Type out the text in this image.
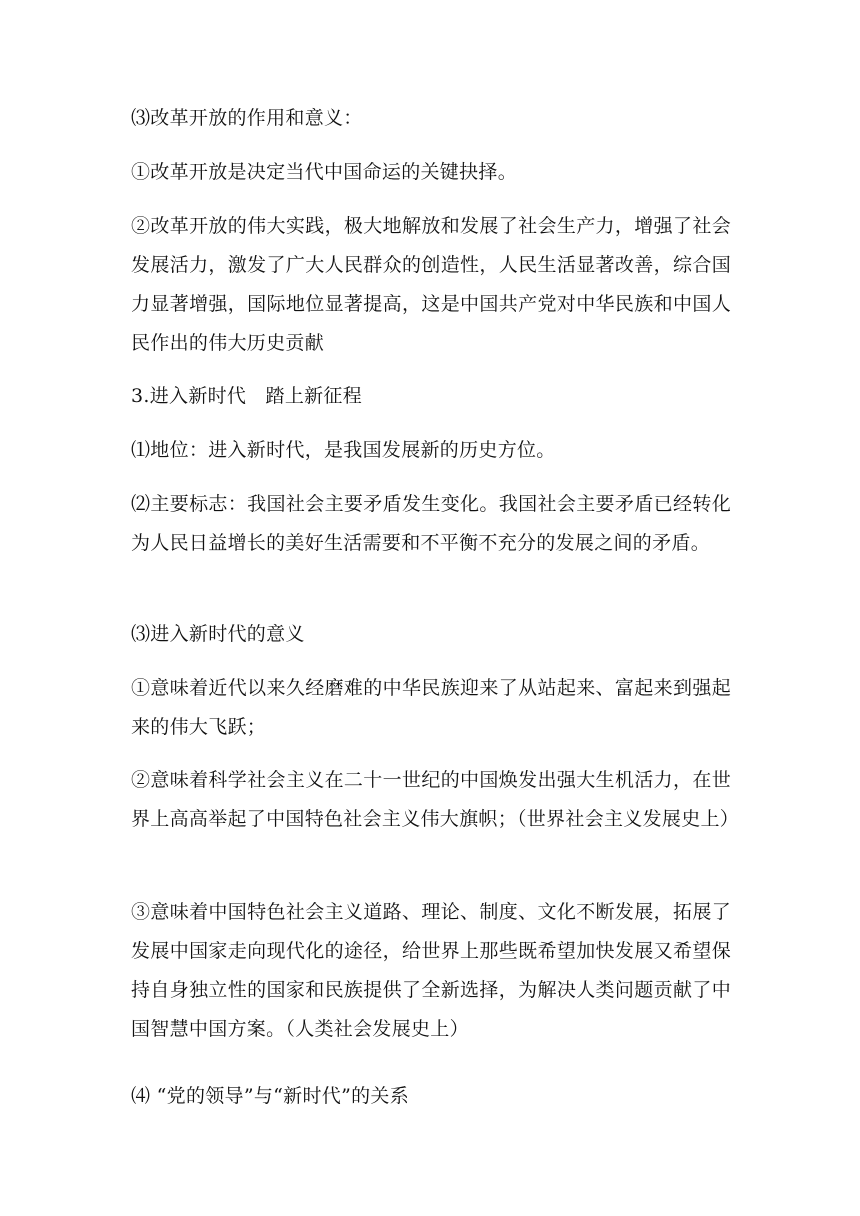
⑶改革开放的作用和意义：

①改革开放是决定当代中国命运的关键抉择。

②改革开放的伟大实践，极大地解放和发展了社会生产力，增强了社会发展活力，激发了广大人民群众的创造性，人民生活显著改善，综合国力显著增强，国际地位显著提高，这是中国共产党对中华民族和中国人民作出的伟大历史贡献

3.进入新时代　踏上新征程

⑴地位：进入新时代，是我国发展新的历史方位。

⑵主要标志：我国社会主要矛盾发生变化。我国社会主要矛盾已经转化为人民日益增长的美好生活需要和不平衡不充分的发展之间的矛盾。

⑶进入新时代的意义

①意味着近代以来久经磨难的中华民族迎来了从站起来、富起来到强起来的伟大飞跃；

②意味着科学社会主义在二十一世纪的中国焕发出强大生机活力，在世界上高高举起了中国特色社会主义伟大旗帜；（世界社会主义发展史上）

③意味着中国特色社会主义道路、理论、制度、文化不断发展，拓展了发展中国家走向现代化的途径，给世界上那些既希望加快发展又希望保持自身独立性的国家和民族提供了全新选择，为解决人类问题贡献了中国智慧中国方案。（人类社会发展史上）

⑷ “党的领导”与“新时代”的关系
